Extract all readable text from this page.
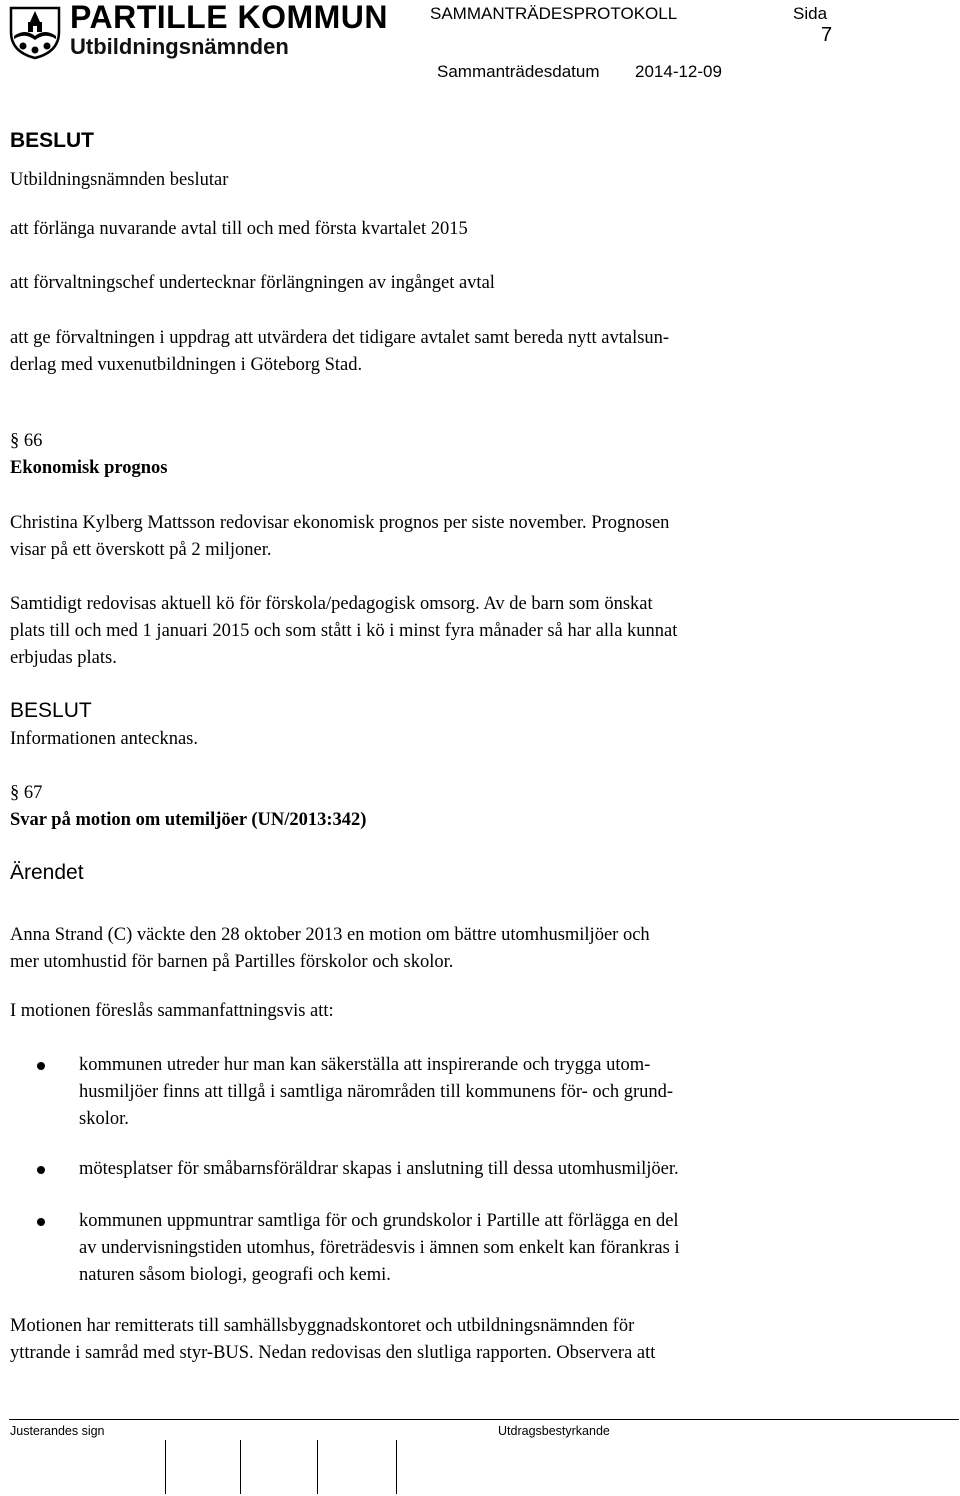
PARTILLE KOMMUN
Utbildningsnämnden
SAMMANTRÄDESPROTOKOLL	Sida
7
Sammanträdesdatum 2014-12-09
BESLUT
Utbildningsnämnden beslutar
att förlänga nuvarande avtal till och med första kvartalet 2015
att förvaltningschef undertecknar förlängningen av ingånget avtal
att ge förvaltningen i uppdrag att utvärdera det tidigare avtalet samt bereda nytt avtalsun-
derlag med vuxenutbildningen i Göteborg Stad.
§ 66
Ekonomisk prognos
Christina Kylberg Mattsson redovisar ekonomisk prognos per siste november. Prognosen
visar på ett överskott på 2 miljoner.
Samtidigt redovisas aktuell kö för förskola/pedagogisk omsorg. Av de barn som önskat
plats till och med 1 januari 2015 och som stått i kö i minst fyra månader så har alla kunnat
erbjudas plats.
BESLUT
Informationen antecknas.
§ 67
Svar på motion om utemiljöer (UN/2013:342)
Ärendet
Anna Strand (C) väckte den 28 oktober 2013 en motion om bättre utomhusmiljöer och
mer utomhustid för barnen på Partilles förskolor och skolor.
I motionen föreslås sammanfattningsvis att:
kommunen utreder hur man kan säkerställa att inspirerande och trygga utom-
husmiljöer finns att tillgå i samtliga närområden till kommunens för- och grund-
skolor.
mötesplatser för småbarnsföräldrar skapas i anslutning till dessa utomhusmiljöer.
kommunen uppmuntrar samtliga för och grundskolor i Partille att förlägga en del
av undervisningstiden utomhus, företrädesvis i ämnen som enkelt kan förankras i
naturen såsom biologi, geografi och kemi.
Motionen har remitterats till samhällsbyggnadskontoret och utbildningsnämnden för
yttrande i samråd med styr-BUS. Nedan redovisas den slutliga rapporten. Observera att
Justerandes sign	Utdragsbestyrkande
